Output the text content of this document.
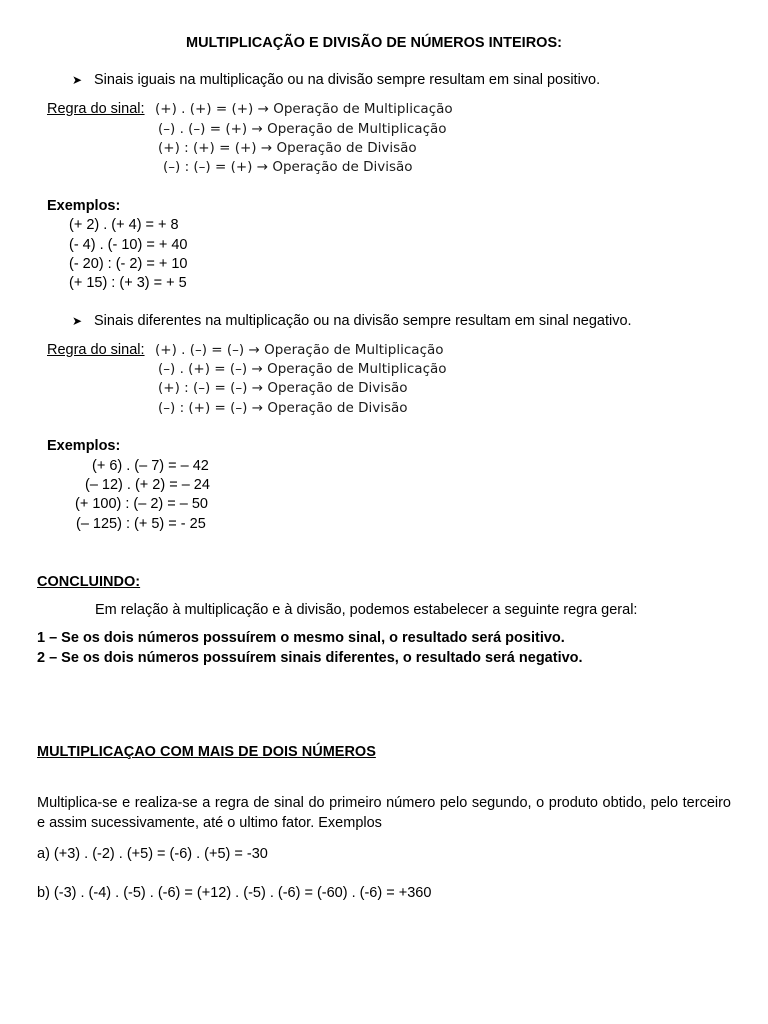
MULTIPLICAÇÃO E DIVISÃO DE NÚMEROS INTEIROS:
➤ Sinais iguais na multiplicação ou na divisão sempre resultam em sinal positivo.
Regra do sinal: (+) . (+) = (+) → Operação de Multiplicação
(–) . (–) = (+) → Operação de Multiplicação
(+) : (+) = (+) → Operação de Divisão
(–) : (–) = (+) → Operação de Divisão
Exemplos:
(+ 2) . (+ 4) = + 8
(- 4) . (- 10) = + 40
(- 20) : (- 2) = + 10
(+ 15) : (+ 3) = + 5
➤ Sinais diferentes na multiplicação ou na divisão sempre resultam em sinal negativo.
Regra do sinal: (+) . (–) = (–) → Operação de Multiplicação
(–) . (+) = (–) → Operação de Multiplicação
(+) : (–) = (–) → Operação de Divisão
(–) : (+) = (–) → Operação de Divisão
Exemplos:
(+ 6) . (– 7) = – 42
(– 12) . (+ 2) = – 24
(+ 100) : (– 2) = – 50
(– 125) : (+ 5) = - 25
CONCLUINDO:
Em relação à multiplicação e à divisão, podemos estabelecer a seguinte regra geral:
1 – Se os dois números possuírem o mesmo sinal, o resultado será positivo.
2 – Se os dois números possuírem sinais diferentes, o resultado será negativo.
MULTIPLICAÇAO COM MAIS DE DOIS NÚMEROS
Multiplica-se e realiza-se a regra de sinal do primeiro número pelo segundo, o produto obtido, pelo terceiro e assim sucessivamente, até o ultimo fator. Exemplos
a) (+3) . (-2) . (+5) = (-6) . (+5) = -30
b) (-3) . (-4) . (-5) . (-6) = (+12) . (-5) . (-6) = (-60) . (-6) = +360
